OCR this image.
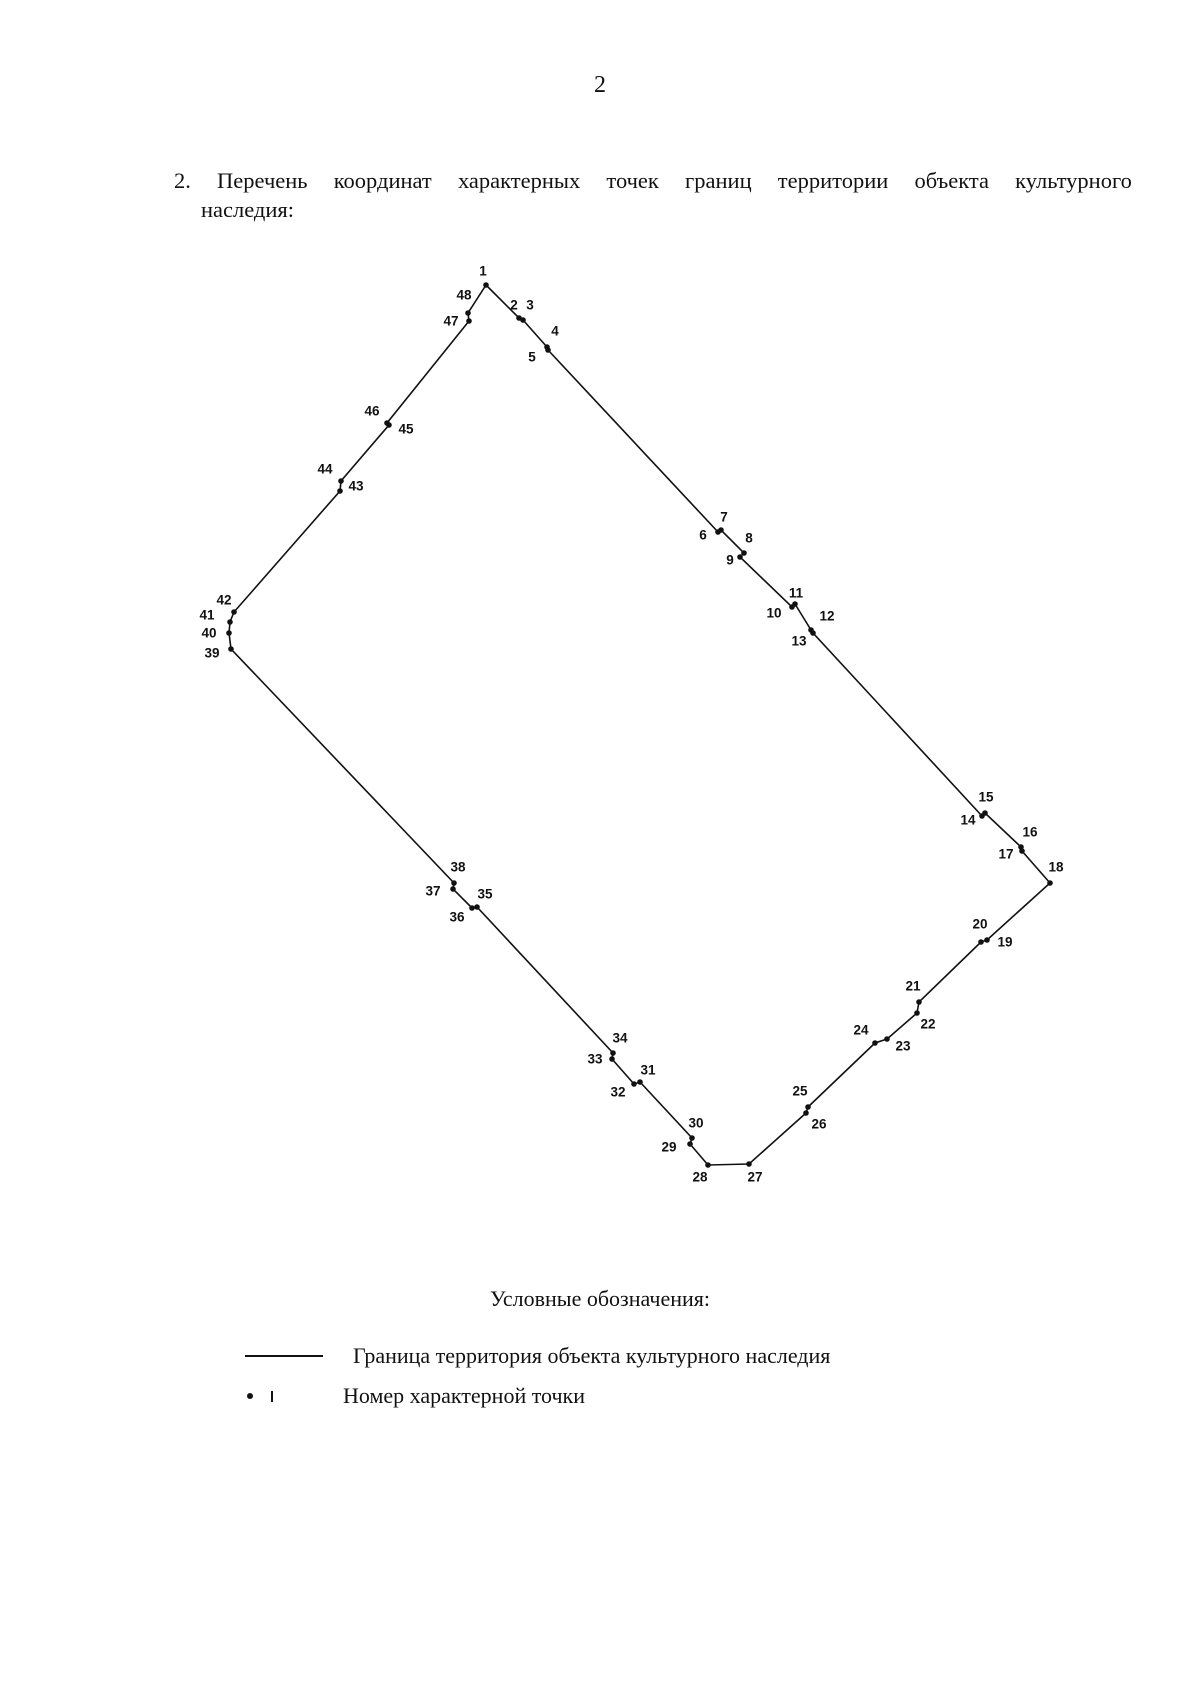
2
2. Перечень координат характерных точек границ территории объекта культурного
наследия:
1
2 3
4
5
6
7
8
9
10
11
12
13
14
15
16
17
18
19
20
21
22
23
24
25
26
27
28
29
30
31
32
33
34
35
36
37
38
39
40
41
42
43
44
45
46
47
48
Условные обозначения:
Граница территория объекта культурного наследия
Номер характерной точки
